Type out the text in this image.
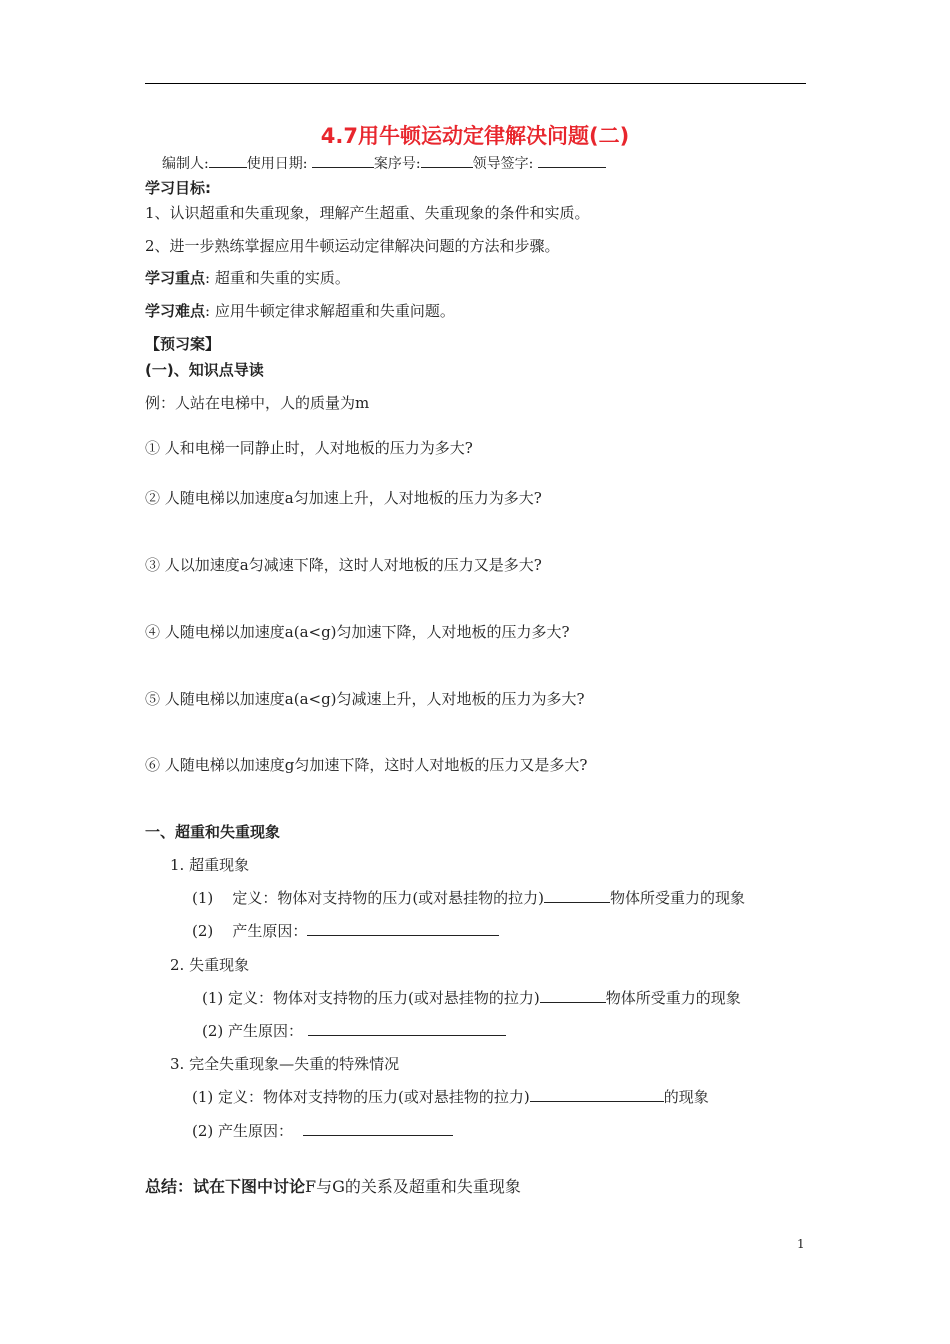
4.7用牛顿运动定律解决问题(二)
编制人:	使用日期:	案序号:	领导签字:
学习目标:
1、认识超重和失重现象，理解产生超重、失重现象的条件和实质。
2、进一步熟练掌握应用牛顿运动定律解决问题的方法和步骤。
学习重点: 超重和失重的实质。
学习难点: 应用牛顿定律求解超重和失重问题。
【预习案】
(一)、知识点导读
例：人站在电梯中，人的质量为m
① 人和电梯一同静止时，人对地板的压力为多大?
② 人随电梯以加速度a匀加速上升，人对地板的压力为多大?
③ 人以加速度a匀减速下降，这时人对地板的压力又是多大?
④ 人随电梯以加速度a(a<g)匀加速下降，人对地板的压力多大?
⑤ 人随电梯以加速度a(a<g)匀减速上升，人对地板的压力为多大?
⑥ 人随电梯以加速度g匀加速下降，这时人对地板的压力又是多大?
一、超重和失重现象
1. 超重现象
(1) 定义：物体对支持物的压力(或对悬挂物的拉力)	物体所受重力的现象
(2) 产生原因：
2. 失重现象
(1) 定义：物体对支持物的压力(或对悬挂物的拉力)	物体所受重力的现象
(2) 产生原因：
3. 完全失重现象—失重的特殊情况
(1) 定义：物体对支持物的压力(或对悬挂物的拉力)	的现象
(2) 产生原因：
总结：试在下图中讨论F与G的关系及超重和失重现象
1
